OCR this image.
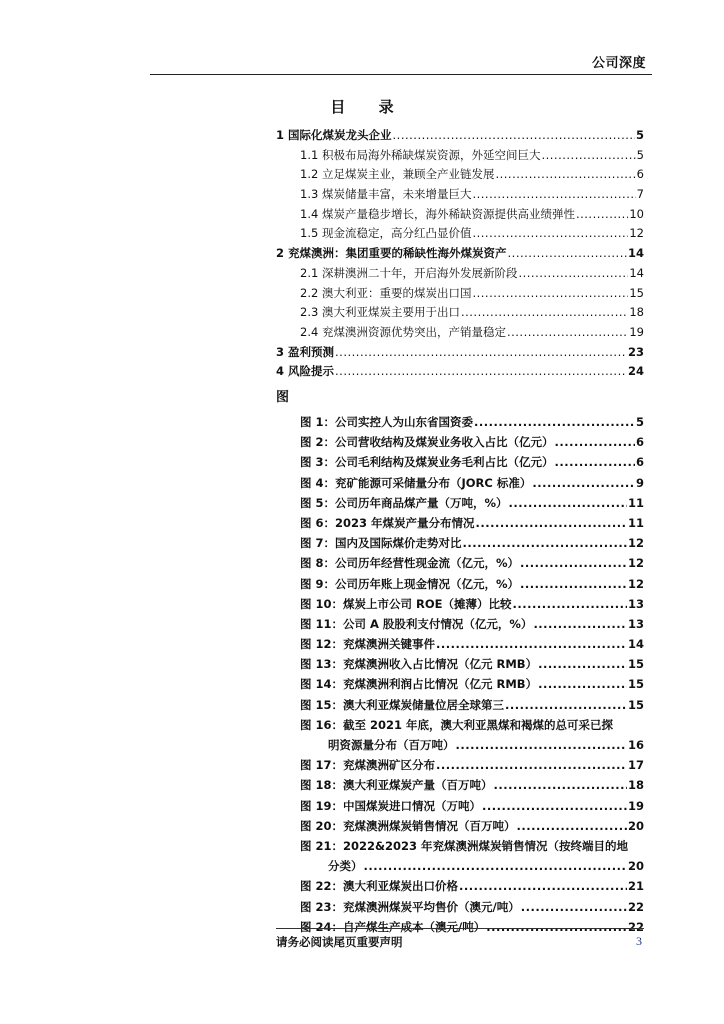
公司深度
目 录
1 国际化煤炭龙头企业 .....	5
1.1 积极布局海外稀缺煤炭资源，外延空间巨大 .....	5
1.2 立足煤炭主业，兼顾全产业链发展 .....	6
1.3 煤炭储量丰富，未来增量巨大 .....	7
1.4 煤炭产量稳步增长，海外稀缺资源提供高业绩弹性 .....	10
1.5 现金流稳定，高分红凸显价值 .....	12
2 兖煤澳洲：集团重要的稀缺性海外煤炭资产 .....	14
2.1 深耕澳洲二十年，开启海外发展新阶段 .....	14
2.2 澳大利亚：重要的煤炭出口国 .....	15
2.3 澳大利亚煤炭主要用于出口 .....	18
2.4 兖煤澳洲资源优势突出，产销量稳定 .....	19
3 盈利预测 .....	23
4 风险提示 .....	24
图
图 1：公司实控人为山东省国资委 .....	5
图 2：公司营收结构及煤炭业务收入占比（亿元） .....	6
图 3：公司毛利结构及煤炭业务毛利占比（亿元） .....	6
图 4：兖矿能源可采储量分布（JORC 标准） .....	9
图 5：公司历年商品煤产量（万吨，%） .....	11
图 6：2023 年煤炭产量分布情况 .....	11
图 7：国内及国际煤价走势对比 .....	12
图 8：公司历年经营性现金流（亿元，%） .....	12
图 9：公司历年账上现金情况（亿元，%） .....	12
图 10：煤炭上市公司 ROE（摊薄）比较 .....	13
图 11：公司 A 股股利支付情况（亿元，%） .....	13
图 12：兖煤澳洲关键事件 .....	14
图 13：兖煤澳洲收入占比情况（亿元 RMB） .....	15
图 14：兖煤澳洲利润占比情况（亿元 RMB） .....	15
图 15：澳大利亚煤炭储量位居全球第三 .....	15
图 16：截至 2021 年底，澳大利亚黑煤和褐煤的总可采已探
明资源量分布（百万吨） .....	16
图 17：兖煤澳洲矿区分布 .....	17
图 18：澳大利亚煤炭产量（百万吨） .....	18
图 19：中国煤炭进口情况（万吨） .....	19
图 20：兖煤澳洲煤炭销售情况（百万吨） .....	20
图 21：2022&2023 年兖煤澳洲煤炭销售情况（按终端目的地
分类） .....	20
图 22：澳大利亚煤炭出口价格 .....	21
图 23：兖煤澳洲煤炭平均售价（澳元/吨） .....	22
图 24：自产煤生产成本（澳元/吨） .....	22
请务必阅读尾页重要声明	3
